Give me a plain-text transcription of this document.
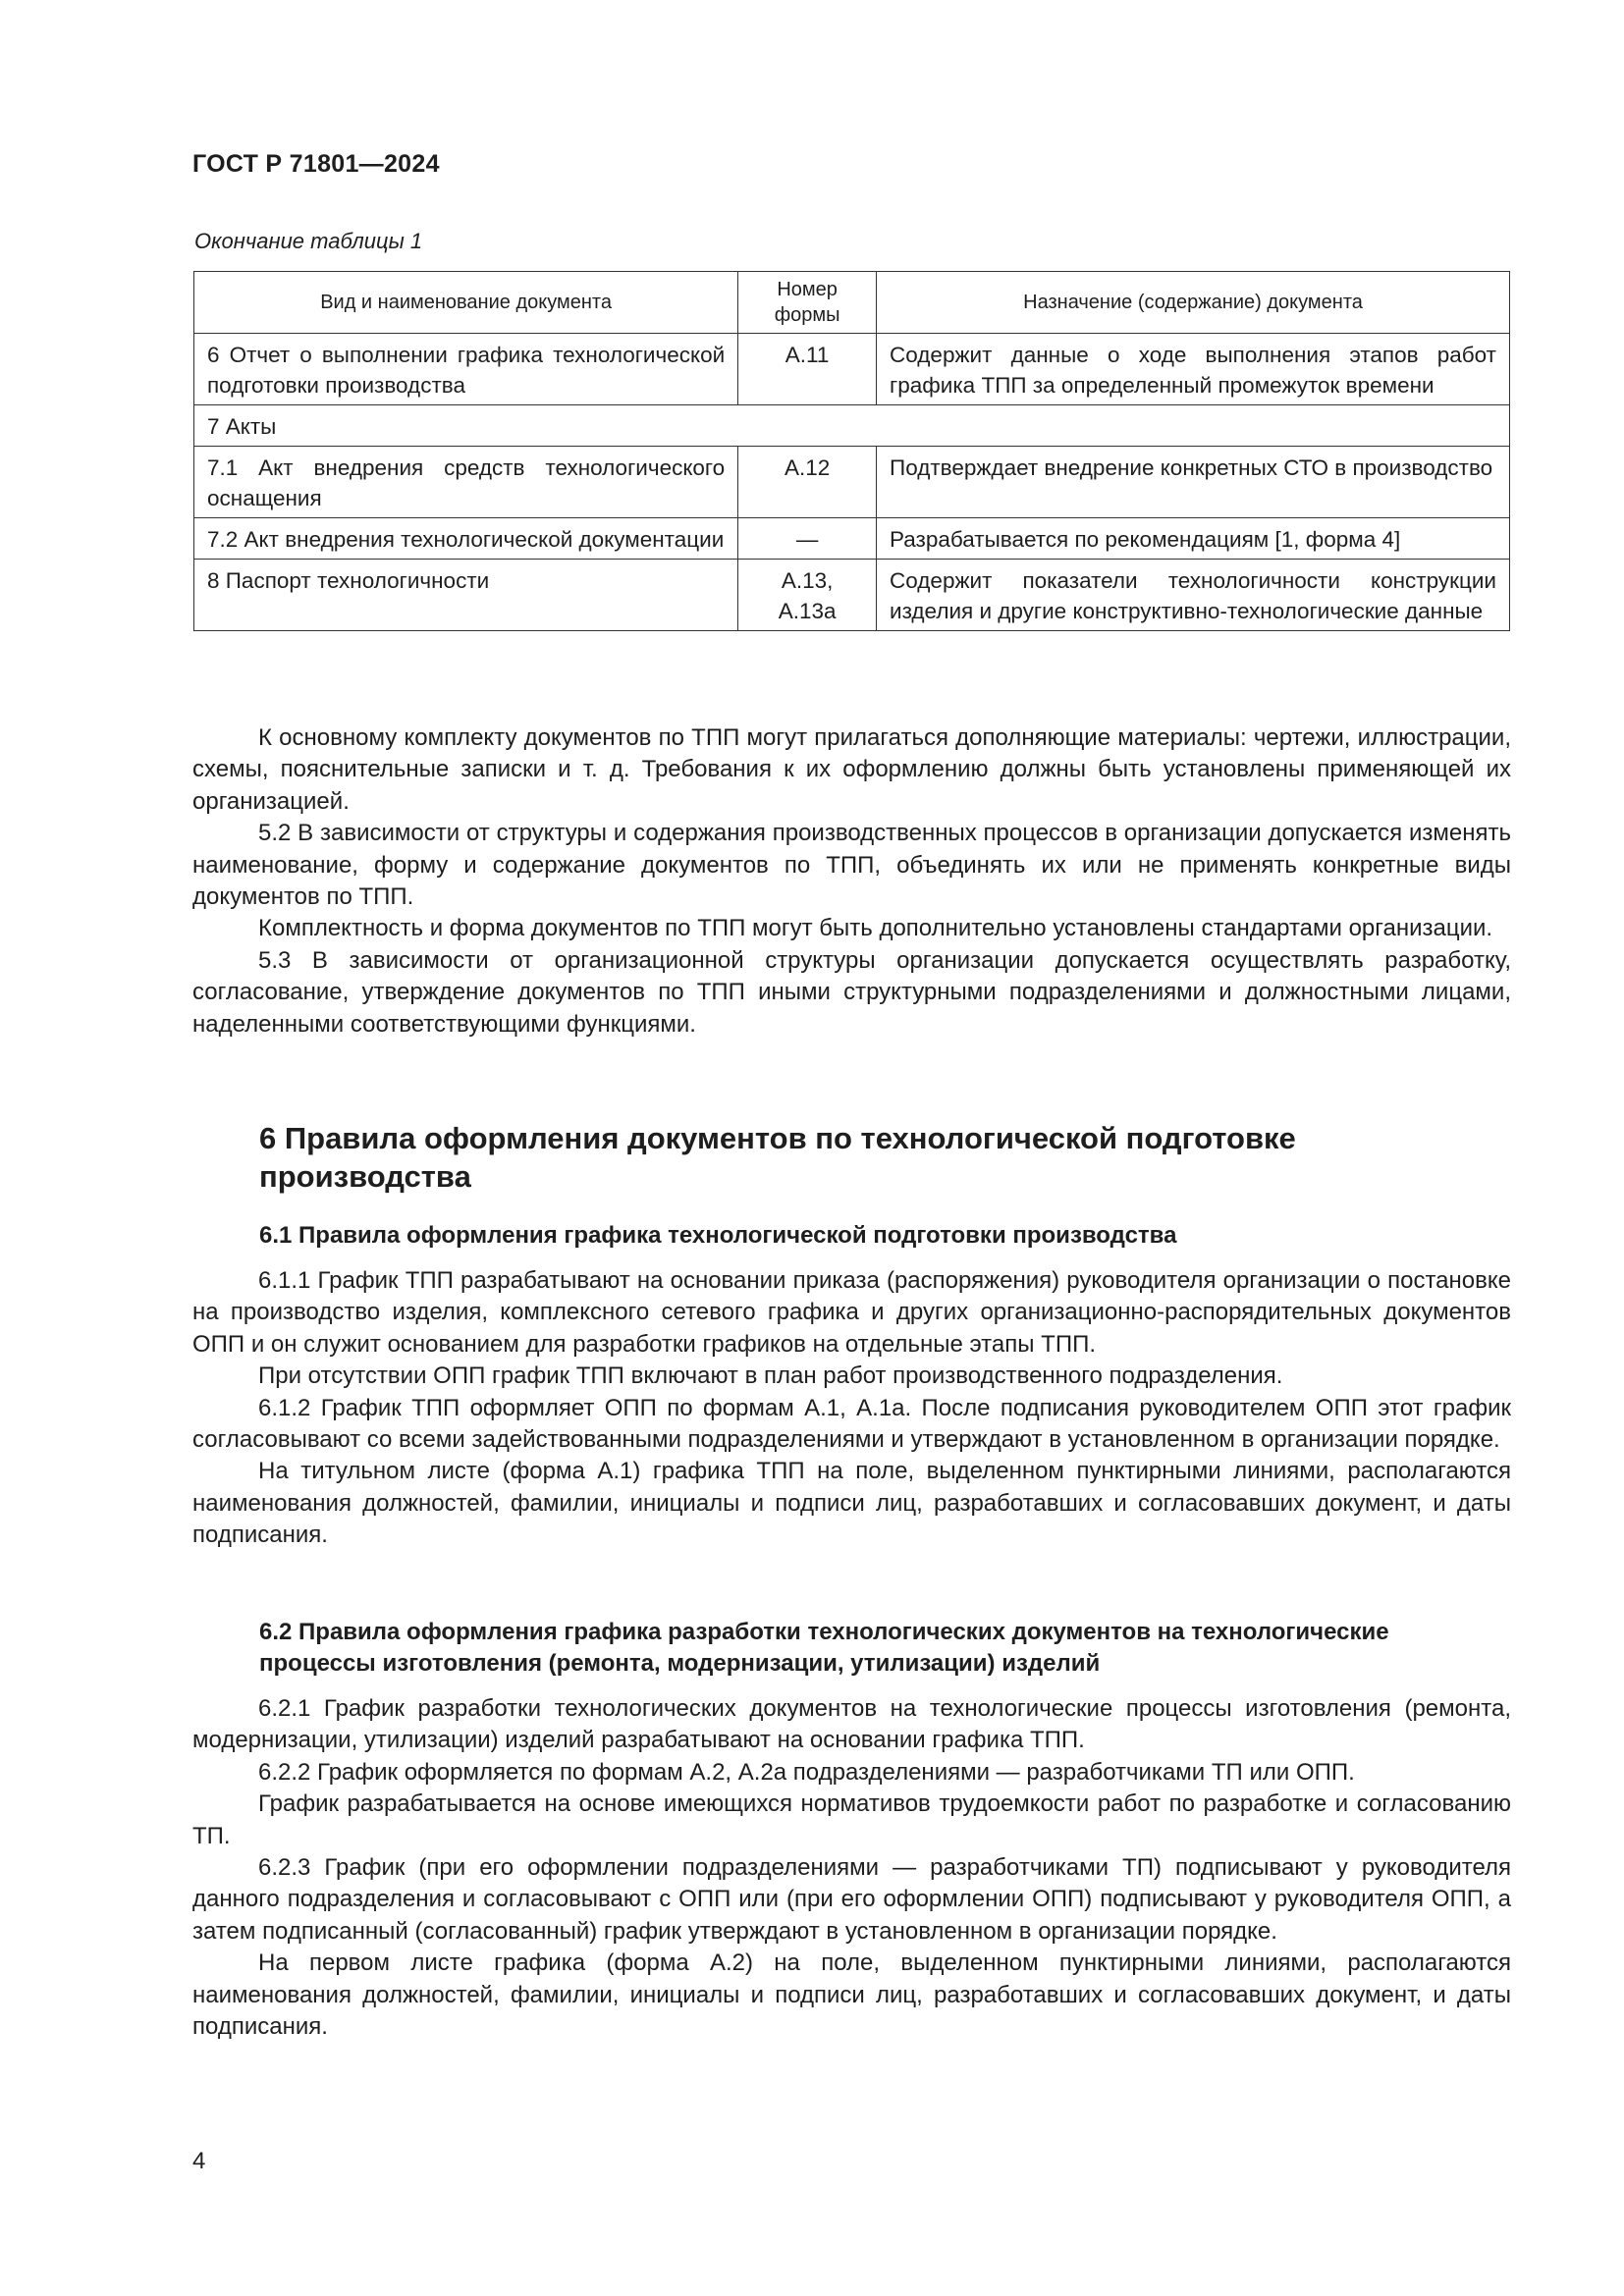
ГОСТ Р 71801—2024
Окончание таблицы 1
Вид и наименование документа	Номер формы	Назначение (содержание) документа
6 Отчет о выполнении графика технологической подготовки производства	А.11	Содержит данные о ходе выполнения этапов работ графика ТПП за определенный промежуток времени
7 Акты		
7.1 Акт внедрения средств технологического оснащения	А.12	Подтверждает внедрение конкретных СТО в производство
7.2 Акт внедрения технологической документации	—	Разрабатывается по рекомендациям [1, форма 4]
8 Паспорт технологичности	А.13, А.13а	Содержит показатели технологичности конструкции изделия и другие конструктивно-технологические данные

К основному комплекту документов по ТПП могут прилагаться дополняющие материалы: чертежи, иллюстрации, схемы, пояснительные записки и т. д. Требования к их оформлению должны быть установлены применяющей их организацией.

5.2 В зависимости от структуры и содержания производственных процессов в организации допускается изменять наименование, форму и содержание документов по ТПП, объединять их или не применять конкретные виды документов по ТПП.

Комплектность и форма документов по ТПП могут быть дополнительно установлены стандартами организации.

5.3 В зависимости от организационной структуры организации допускается осуществлять разработку, согласование, утверждение документов по ТПП иными структурными подразделениями и должностными лицами, наделенными соответствующими функциями.

6 Правила оформления документов по технологической подготовке производства
6.1 Правила оформления графика технологической подготовки производства

6.1.1 График ТПП разрабатывают на основании приказа (распоряжения) руководителя организации о постановке на производство изделия, комплексного сетевого графика и других организационно-распорядительных документов ОПП и он служит основанием для разработки графиков на отдельные этапы ТПП.

При отсутствии ОПП график ТПП включают в план работ производственного подразделения.

6.1.2 График ТПП оформляет ОПП по формам А.1, А.1а. После подписания руководителем ОПП этот график согласовывают со всеми задействованными подразделениями и утверждают в установленном в организации порядке.

На титульном листе (форма А.1) графика ТПП на поле, выделенном пунктирными линиями, располагаются наименования должностей, фамилии, инициалы и подписи лиц, разработавших и согласовавших документ, и даты подписания.

6.2 Правила оформления графика разработки технологических документов на технологические процессы изготовления (ремонта, модернизации, утилизации) изделий

6.2.1 График разработки технологических документов на технологические процессы изготовления (ремонта, модернизации, утилизации) изделий разрабатывают на основании графика ТПП.

6.2.2 График оформляется по формам А.2, А.2а подразделениями — разработчиками ТП или ОПП.

График разрабатывается на основе имеющихся нормативов трудоемкости работ по разработке и согласованию ТП.

6.2.3 График (при его оформлении подразделениями — разработчиками ТП) подписывают у руководителя данного подразделения и согласовывают с ОПП или (при его оформлении ОПП) подписывают у руководителя ОПП, а затем подписанный (согласованный) график утверждают в установленном в организации порядке.

На первом листе графика (форма А.2) на поле, выделенном пунктирными линиями, располагаются наименования должностей, фамилии, инициалы и подписи лиц, разработавших и согласовавших документ, и даты подписания.

4
